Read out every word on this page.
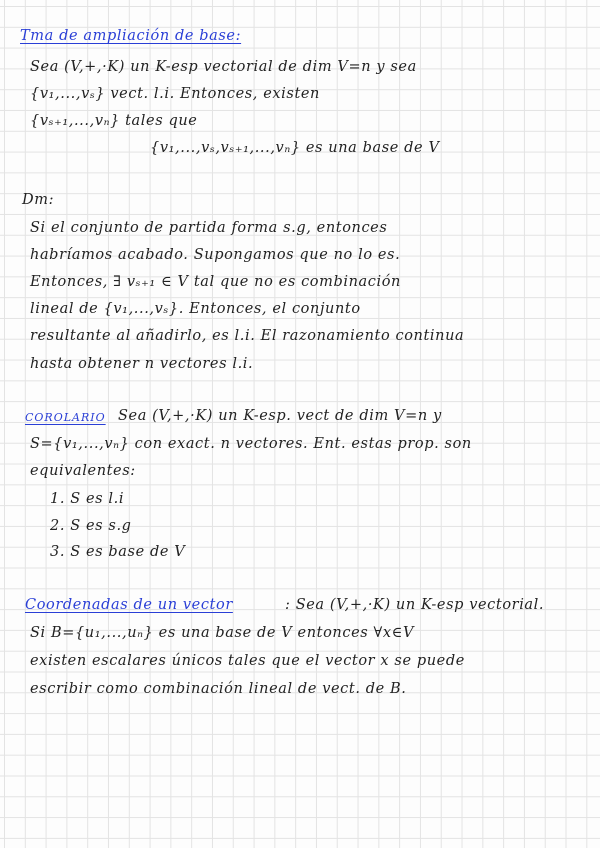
Tma de ampliación de base:
Sea (V,+,·K) un K-esp vectorial de dim V=n y sea
{v₁,...,vₛ} vect. l.i. Entonces, existen
{vₛ₊₁,...,vₙ} tales que
{v₁,...,vₛ,vₛ₊₁,...,vₙ} es una base de V
Dm:
Si el conjunto de partida forma s.g, entonces
habríamos acabado. Supongamos que no lo es.
Entonces, ∃ vₛ₊₁ ∈ V tal que no es combinación
lineal de {v₁,...,vₛ}. Entonces, el conjunto
resultante al añadirlo, es l.i. El razonamiento continua
hasta obtener n vectores l.i.
COROLARIO Sea (V,+,·K) un K-esp. vect de dim V=n y
S={v₁,...,vₙ} con exact. n vectores. Ent. estas prop. son
equivalentes:
1. S es l.i
2. S es s.g
3. S es base de V
Coordenadas de un vector	: Sea (V,+,·K) un K-esp vectorial.
Si B={u₁,...,uₙ} es una base de V entonces ∀x∈V
existen escalares únicos tales que el vector x se puede
escribir como combinación lineal de vect. de B.
